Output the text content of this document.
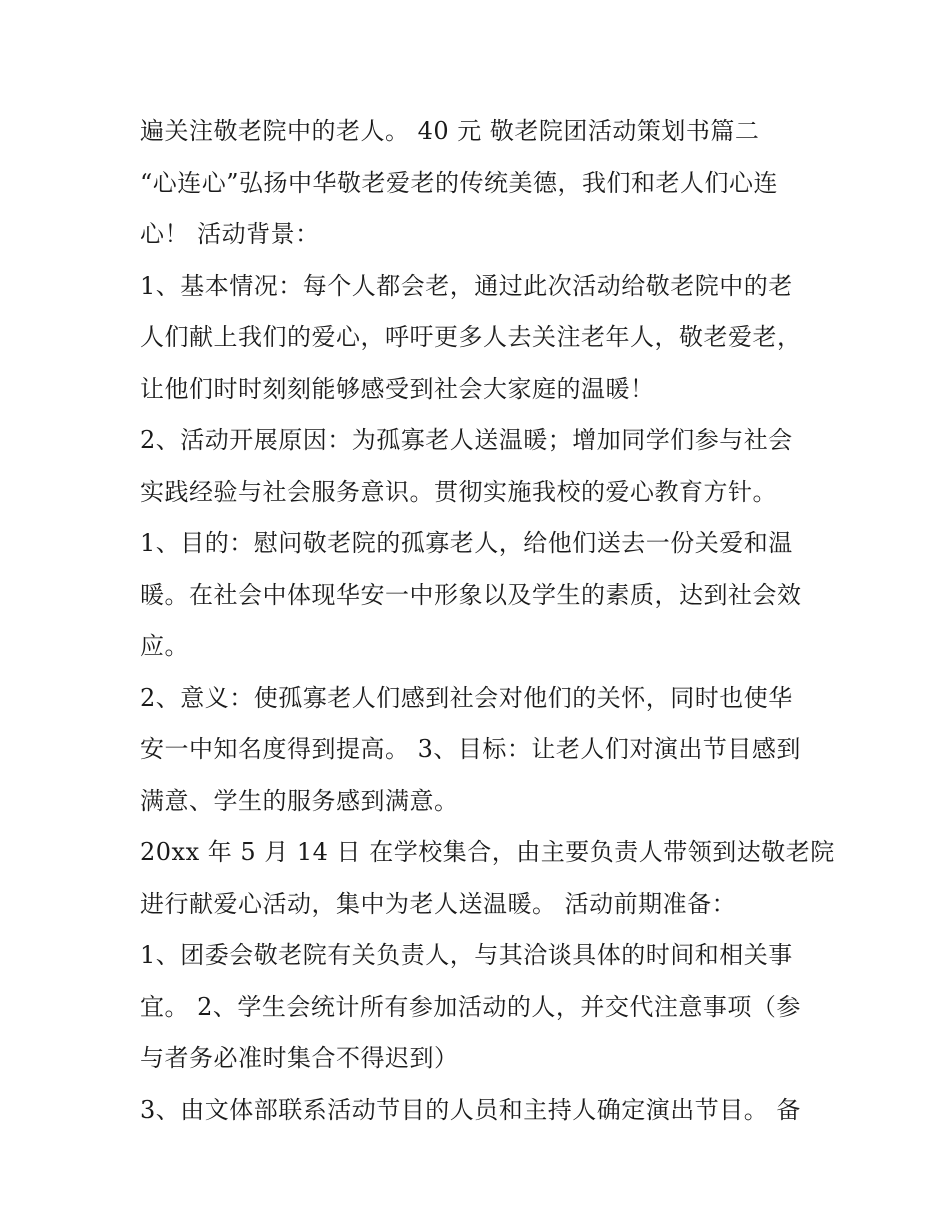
遍关注敬老院中的老人。 40 元 敬老院团活动策划书篇二
“心连心”弘扬中华敬老爱老的传统美德，我们和老人们心连
心！ 活动背景：
1、基本情况：每个人都会老，通过此次活动给敬老院中的老
人们献上我们的爱心，呼吁更多人去关注老年人，敬老爱老，
让他们时时刻刻能够感受到社会大家庭的温暖！
2、活动开展原因：为孤寡老人送温暖；增加同学们参与社会
实践经验与社会服务意识。贯彻实施我校的爱心教育方针。
1、目的：慰问敬老院的孤寡老人，给他们送去一份关爱和温
暖。在社会中体现华安一中形象以及学生的素质，达到社会效
应。
2、意义：使孤寡老人们感到社会对他们的关怀，同时也使华
安一中知名度得到提高。 3、目标：让老人们对演出节目感到
满意、学生的服务感到满意。
20xx 年 5 月 14 日 在学校集合，由主要负责人带领到达敬老院
进行献爱心活动，集中为老人送温暖。 活动前期准备：
1、团委会敬老院有关负责人，与其洽谈具体的时间和相关事
宜。 2、学生会统计所有参加活动的人，并交代注意事项（参
与者务必准时集合不得迟到）
3、由文体部联系活动节目的人员和主持人确定演出节目。 备
